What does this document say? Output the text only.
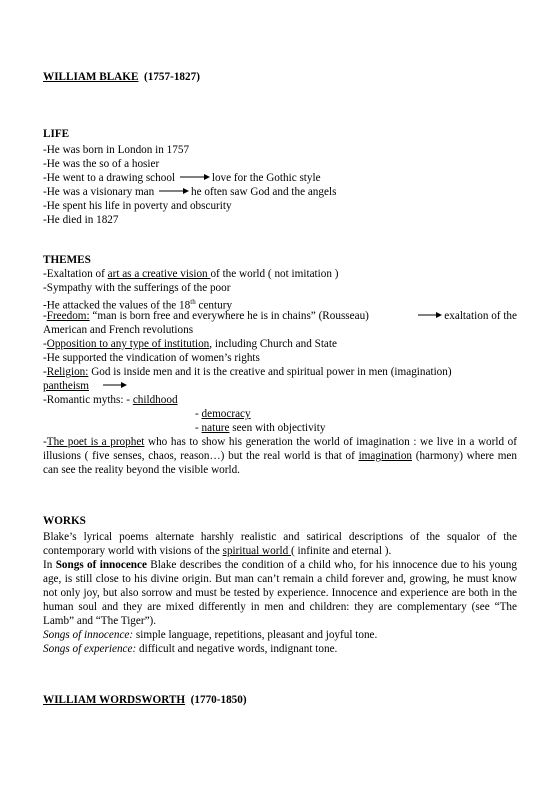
WILLIAM BLAKE (1757-1827)
LIFE
-He was born in London in 1757
-He was the so of a hosier
-He went to a drawing school	love for the Gothic style
-He was a visionary man	he often saw God and the angels
-He spent his life in poverty and obscurity
-He died in 1827
THEMES
-Exaltation of art as a creative vision of the world ( not imitation )
-Sympathy with the sufferings of the poor
-He attacked the values of the 18th century
-Freedom: “man is born free and everywhere he is in chains” (Rousseau)	exaltation of the
American and French revolutions
-Opposition to any type of institution, including Church and State
-He supported the vindication of women’s rights
-Religion: God is inside men and it is the creative and spiritual power in men (imagination)
pantheism
-Romantic myths: - childhood
- democracy
- nature seen with objectivity
-The poet is a prophet who has to show his generation the world of imagination : we live in a world of illusions ( five senses, chaos, reason…) but the real world is that of imagination (harmony) where men can see the reality beyond the visible world.
WORKS
Blake’s lyrical poems alternate harshly realistic and satirical descriptions of the squalor of the contemporary world with visions of the spiritual world ( infinite and eternal ).
In Songs of innocence Blake describes the condition of a child who, for his innocence due to his young age, is still close to his divine origin. But man can’t remain a child forever and, growing, he must know not only joy, but also sorrow and must be tested by experience. Innocence and experience are both in the human soul and they are mixed differently in men and children: they are complementary (see “The Lamb” and “The Tiger”).
Songs of innocence: simple language, repetitions, pleasant and joyful tone.
Songs of experience: difficult and negative words, indignant tone.
WILLIAM WORDSWORTH (1770-1850)
